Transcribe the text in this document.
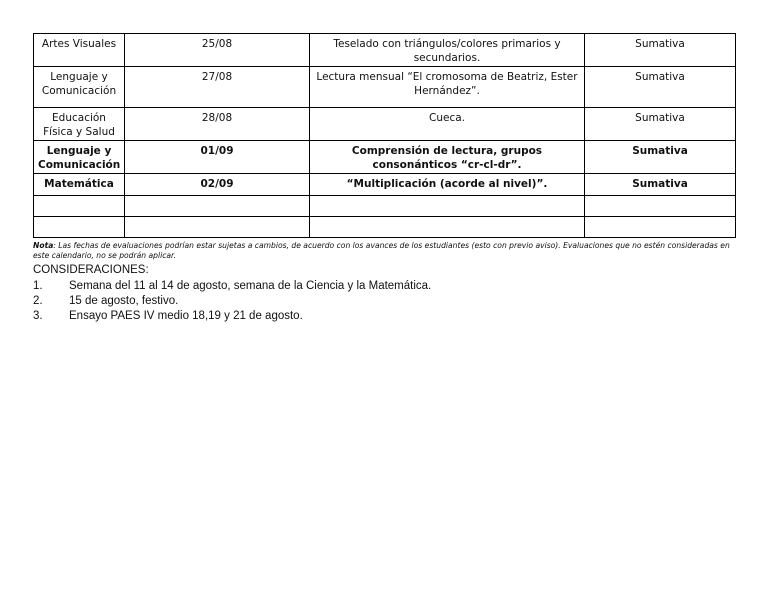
Artes Visuales	25/08	Teselado con triángulos/colores primarios y secundarios.	Sumativa
Lenguaje y Comunicación	27/08	Lectura mensual “El cromosoma de Beatriz, Ester Hernández”.	Sumativa
Educación Física y Salud	28/08	Cueca.	Sumativa
Lenguaje y Comunicación	01/09	Comprensión de lectura, grupos consonánticos “cr-cl-dr”.	Sumativa
Matemática	02/09	“Multiplicación (acorde al nivel)”.	Sumativa

Nota: Las fechas de evaluaciones podrían estar sujetas a cambios, de acuerdo con los avances de los estudiantes (esto con previo aviso). Evaluaciones que no estén consideradas en este calendario, no se podrán aplicar.
CONSIDERACIONES:
1. Semana del 11 al 14 de agosto, semana de la Ciencia y la Matemática.
2. 15 de agosto, festivo.
3. Ensayo PAES IV medio 18,19 y 21 de agosto.
